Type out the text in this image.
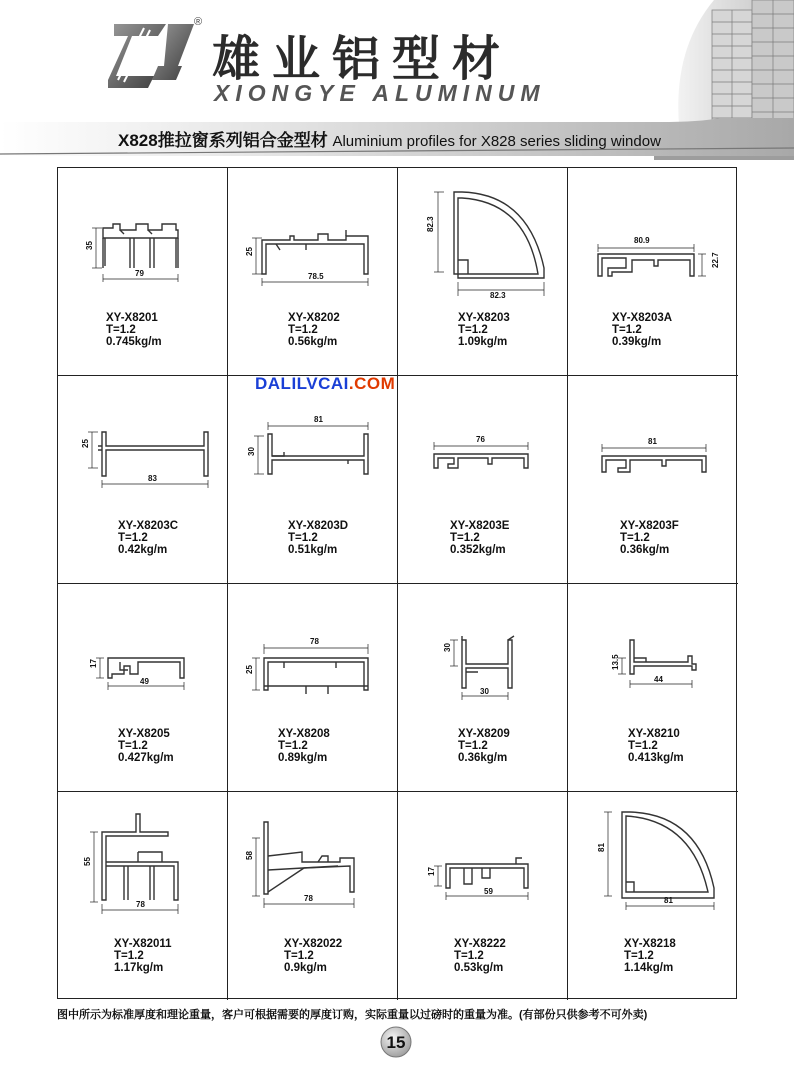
®
雄业铝型材
XIONGYE ALUMINUM
X828推拉窗系列铝合金型材 Aluminium profiles for X828 series sliding window
35
79
XY-X8201
T=1.2
0.745kg/m
25
78.5
XY-X8202
T=1.2
0.56kg/m
82.3
82.3
XY-X8203
T=1.2
1.09kg/m
80.9
22.7
XY-X8203A
T=1.2
0.39kg/m
25
83
XY-X8203C
T=1.2
0.42kg/m
30
81
XY-X8203D
T=1.2
0.51kg/m
76
XY-X8203E
T=1.2
0.352kg/m
81
XY-X8203F
T=1.2
0.36kg/m
17
49
XY-X8205
T=1.2
0.427kg/m
25
78
XY-X8208
T=1.2
0.89kg/m
30
30
XY-X8209
T=1.2
0.36kg/m
13.5
44
XY-X8210
T=1.2
0.413kg/m
55
78
XY-X82011
T=1.2
1.17kg/m
58
78
XY-X82022
T=1.2
0.9kg/m
17
59
XY-X8222
T=1.2
0.53kg/m
81
81
XY-X8218
T=1.2
1.14kg/m
DALILVCAI.COM
图中所示为标准厚度和理论重量，客户可根据需要的厚度订购，实际重量以过磅时的重量为准。(有部份只供参考不可外卖)
15
